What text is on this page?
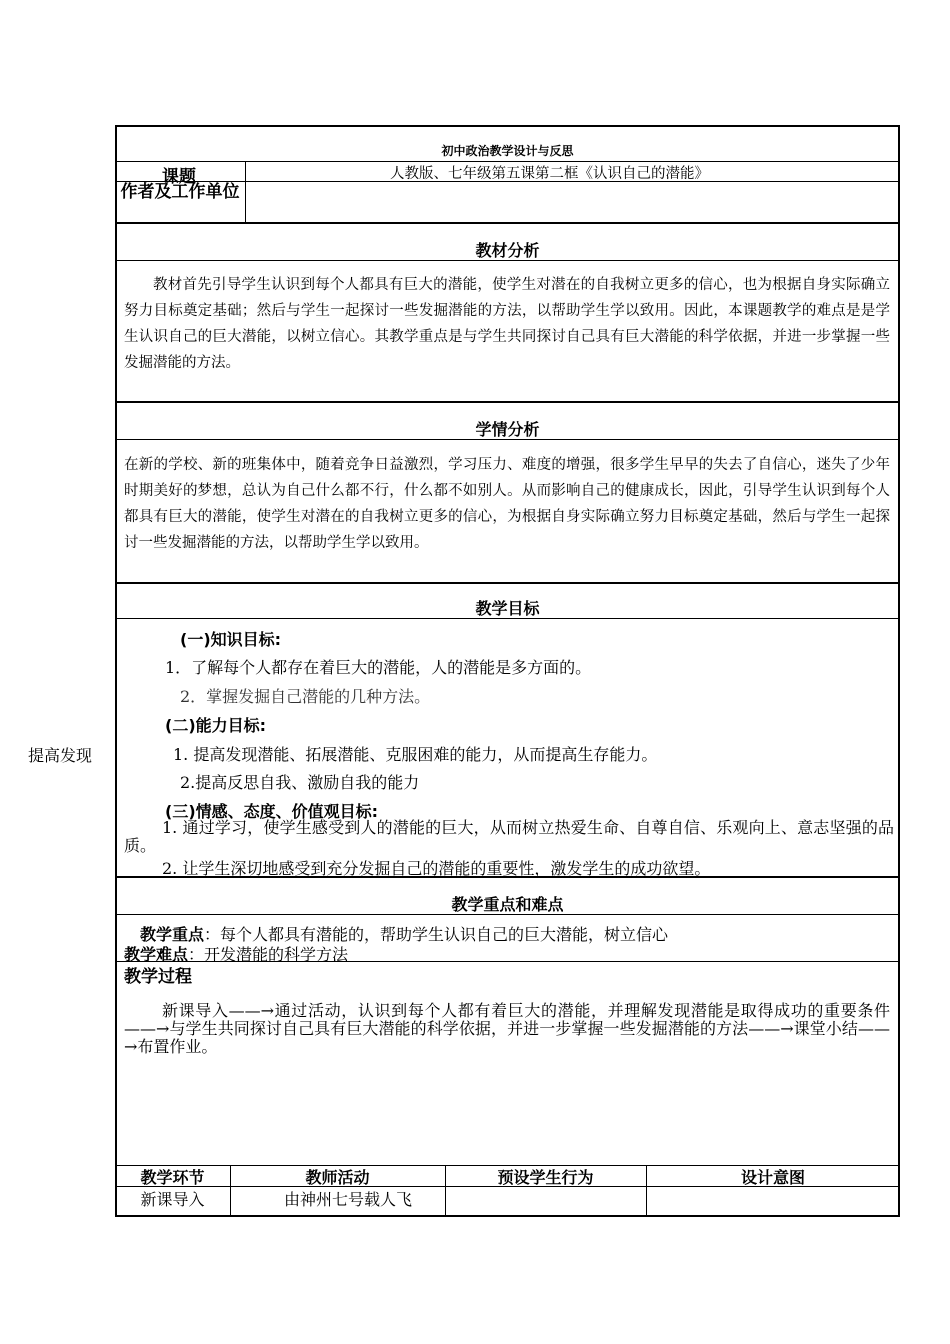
提高发现
初中政治教学设计与反思
课题	人教版、七年级第五课第二框《认识自己的潜能》
作者及工作单位
教材分析
教材首先引导学生认识到每个人都具有巨大的潜能，使学生对潜在的自我树立更多的信心，也为根据自身实际确立努力目标奠定基础；然后与学生一起探讨一些发掘潜能的方法，以帮助学生学以致用。因此，本课题教学的难点是是学生认识自己的巨大潜能，以树立信心。其教学重点是与学生共同探讨自己具有巨大潜能的科学依据，并进一步掌握一些发掘潜能的方法。
学情分析
在新的学校、新的班集体中，随着竞争日益激烈，学习压力、难度的增强，很多学生早早的失去了自信心，迷失了少年时期美好的梦想，总认为自己什么都不行，什么都不如别人。从而影响自己的健康成长，因此，引导学生认识到每个人都具有巨大的潜能，使学生对潜在的自我树立更多的信心，为根据自身实际确立努力目标奠定基础，然后与学生一起探讨一些发掘潜能的方法，以帮助学生学以致用。
教学目标
(一)知识目标:
1．了解每个人都存在着巨大的潜能，人的潜能是多方面的。
2．掌握发掘自己潜能的几种方法。
(二)能力目标:
1. 提高发现潜能、拓展潜能、克服困难的能力，从而提高生存能力。
2.提高反思自我、激励自我的能力
(三)情感、态度、价值观目标:
1. 通过学习，使学生感受到人的潜能的巨大，从而树立热爱生命、自尊自信、乐观向上、意志坚强的品质。
2. 让学生深切地感受到充分发掘自己的潜能的重要性，激发学生的成功欲望。
教学重点和难点
教学重点：每个人都具有潜能的，帮助学生认识自己的巨大潜能，树立信心
教学难点：开发潜能的科学方法
教学过程
新课导入——→通过活动，认识到每个人都有着巨大的潜能，并理解发现潜能是取得成功的重要条件——→与学生共同探讨自己具有巨大潜能的科学依据，并进一步掌握一些发掘潜能的方法——→课堂小结——→布置作业。
教学环节	教师活动	预设学生行为	设计意图
新课导入	由神州七号载人飞
